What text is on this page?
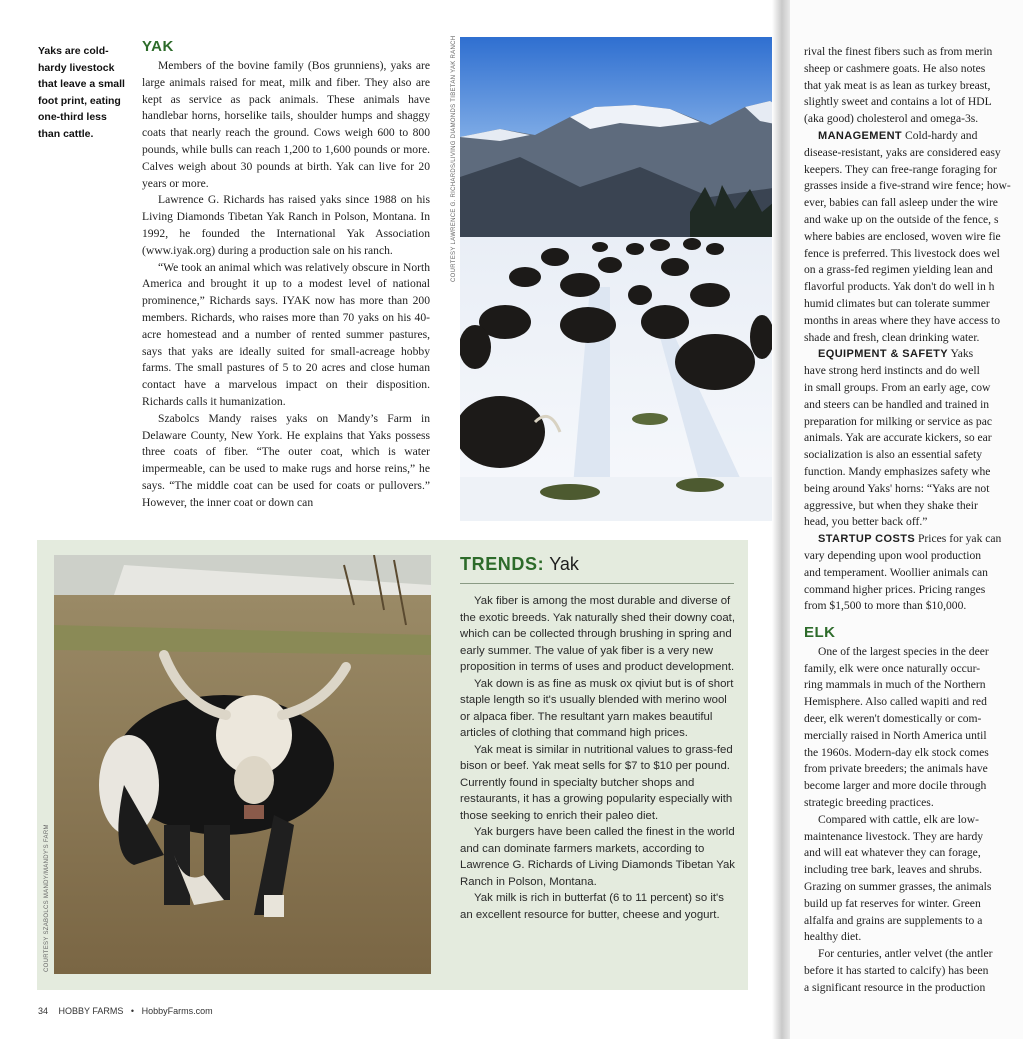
Yaks are cold-hardy livestock that leave a small foot print, eating one-third less than cattle.
YAK

Members of the bovine family (Bos grunniens), yaks are large animals raised for meat, milk and fiber. They also are kept as service as pack animals. These animals have handlebar horns, horselike tails, shoulder humps and shaggy coats that nearly reach the ground. Cows weigh 600 to 800 pounds, while bulls can reach 1,200 to 1,600 pounds or more. Calves weigh about 30 pounds at birth. Yak can live for 20 years or more.

Lawrence G. Richards has raised yaks since 1988 on his Living Diamonds Tibetan Yak Ranch in Polson, Montana. In 1992, he founded the International Yak Association (www.iyak.org) during a production sale on his ranch.

“We took an animal which was relatively obscure in North America and brought it up to a modest level of national prominence,” Richards says. IYAK now has more than 200 members. Richards, who raises more than 70 yaks on his 40-acre homestead and a number of rented summer pastures, says that yaks are ideally suited for small-acreage hobby farms. The small pastures of 5 to 20 acres and close human contact have a marvelous impact on their disposition. Richards calls it humanization.

Szabolcs Mandy raises yaks on Mandy’s Farm in Delaware County, New York. He explains that Yaks possess three coats of fiber. “The outer coat, which is water impermeable, can be used to make rugs and horse reins,” he says. “The middle coat can be used for coats or pullovers.” However, the inner coat or down can

COURTESY LAWRENCE G. RICHARDS/LIVING DIAMONDS TIBETAN YAK RANCH
COURTESY SZABOLCS MANDY/MANDY'S FARM
TRENDS: Yak

Yak fiber is among the most durable and diverse of the exotic breeds. Yak naturally shed their downy coat, which can be collected through brushing in spring and early summer. The value of yak fiber is a very new proposition in terms of uses and product development.

Yak down is as fine as musk ox qiviut but is of short staple length so it's usually blended with merino wool or alpaca fiber. The resultant yarn makes beautiful articles of clothing that command high prices.

Yak meat is similar in nutritional values to grass-fed bison or beef. Yak meat sells for $7 to $10 per pound. Currently found in specialty butcher shops and restaurants, it has a growing popularity especially with those seeking to enrich their paleo diet.

Yak burgers have been called the finest in the world and can dominate farmers markets, according to Lawrence G. Richards of Living Diamonds Tibetan Yak Ranch in Polson, Montana.

Yak milk is rich in butterfat (6 to 11 percent) so it's an excellent resource for butter, cheese and yogurt.

34 HOBBY FARMS • HobbyFarms.com

rival the finest fibers such as from merin

sheep or cashmere goats. He also notes

that yak meat is as lean as turkey breast,

slightly sweet and contains a lot of HDL

(aka good) cholesterol and omega-3s.

MANAGEMENT Cold-hardy and

disease-resistant, yaks are considered easy

keepers. They can free-range foraging for

grasses inside a five-strand wire fence; how-

ever, babies can fall asleep under the wire

and wake up on the outside of the fence, s

where babies are enclosed, woven wire fie

fence is preferred. This livestock does wel

on a grass-fed regimen yielding lean and

flavorful products. Yak don't do well in h

humid climates but can tolerate summer

months in areas where they have access to

shade and fresh, clean drinking water.

EQUIPMENT & SAFETY Yaks

have strong herd instincts and do well

in small groups. From an early age, cow

and steers can be handled and trained in

preparation for milking or service as pac

animals. Yak are accurate kickers, so ear

socialization is also an essential safety

function. Mandy emphasizes safety whe

being around Yaks' horns: “Yaks are not

aggressive, but when they shake their

head, you better back off.”

STARTUP COSTS Prices for yak can

vary depending upon wool production

and temperament. Woollier animals can

command higher prices. Pricing ranges

from $1,500 to more than $10,000.

ELK

One of the largest species in the deer

family, elk were once naturally occur-

ring mammals in much of the Northern

Hemisphere. Also called wapiti and red

deer, elk weren't domestically or com-

mercially raised in North America until

the 1960s. Modern-day elk stock comes

from private breeders; the animals have

become larger and more docile through

strategic breeding practices.

Compared with cattle, elk are low-

maintenance livestock. They are hardy

and will eat whatever they can forage,

including tree bark, leaves and shrubs.

Grazing on summer grasses, the animals

build up fat reserves for winter. Green

alfalfa and grains are supplements to a

healthy diet.

For centuries, antler velvet (the antler

before it has started to calcify) has been

a significant resource in the production
